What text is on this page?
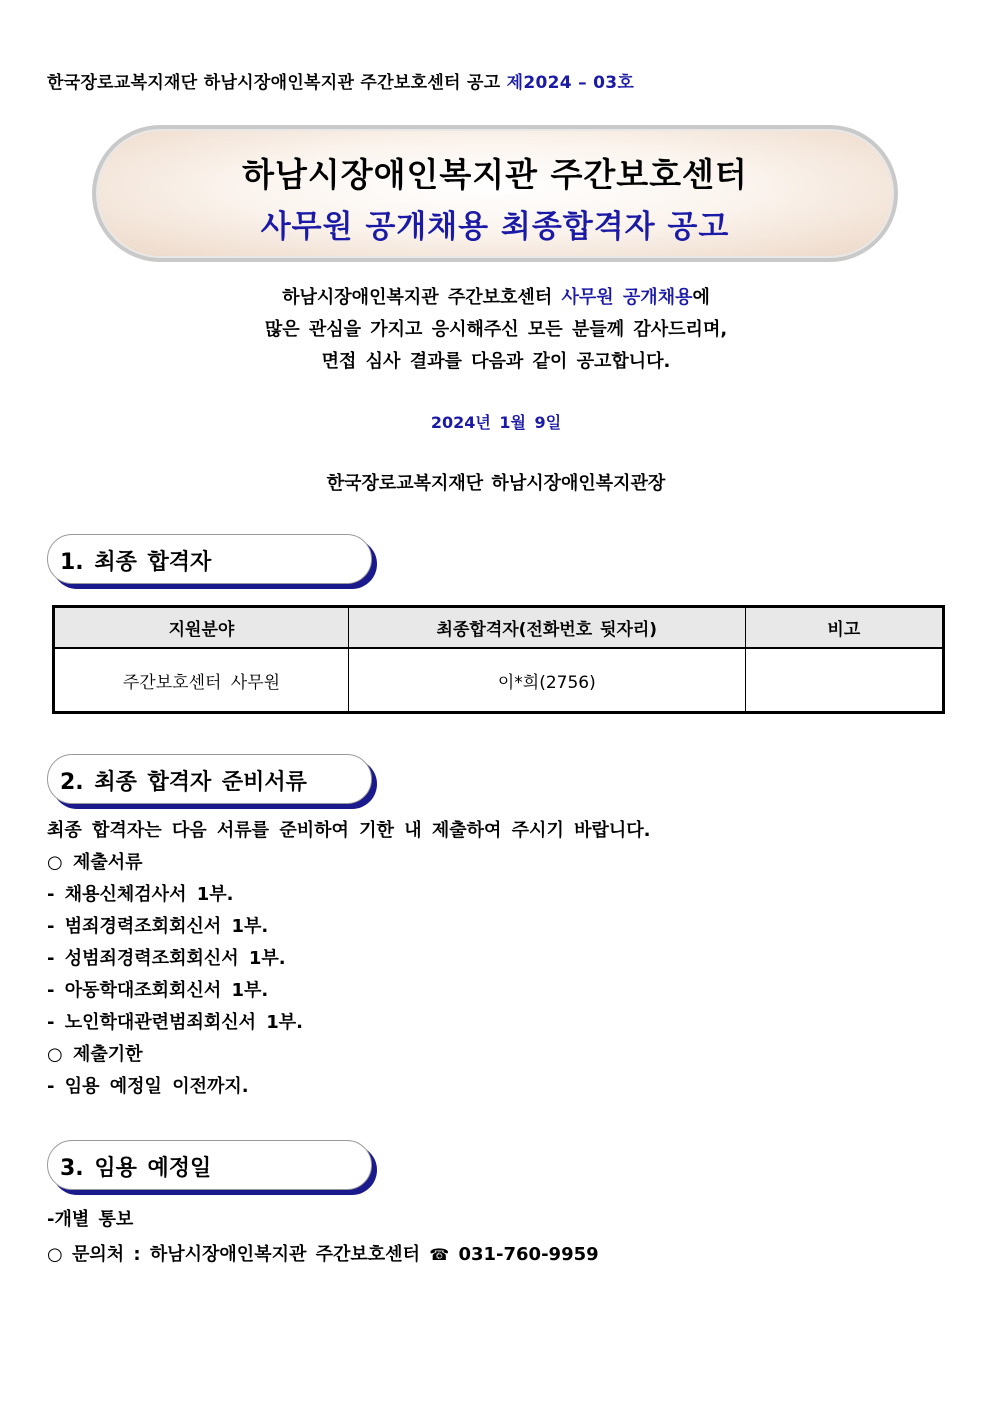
한국장로교복지재단 하남시장애인복지관 주간보호센터 공고 제2024 – 03호
하남시장애인복지관 주간보호센터
사무원 공개채용 최종합격자 공고
하남시장애인복지관 주간보호센터 사무원 공개채용에
많은 관심을 가지고 응시해주신 모든 분들께 감사드리며,
면접 심사 결과를 다음과 같이 공고합니다.
2024년 1월 9일
한국장로교복지재단 하남시장애인복지관장
1. 최종 합격자
지원분야	최종합격자(전화번호 뒷자리)	비고
주간보호센터 사무원	이*희(2756)	
2. 최종 합격자 준비서류
최종 합격자는 다음 서류를 준비하여 기한 내 제출하여 주시기 바랍니다.
○ 제출서류
- 채용신체검사서 1부.
- 범죄경력조회회신서 1부.
- 성범죄경력조회회신서 1부.
- 아동학대조회회신서 1부.
- 노인학대관련범죄회신서 1부.
○ 제출기한
- 임용 예정일 이전까지.
3. 임용 예정일
-개별 통보
○ 문의처 : 하남시장애인복지관 주간보호센터 ☎ 031-760-9959
